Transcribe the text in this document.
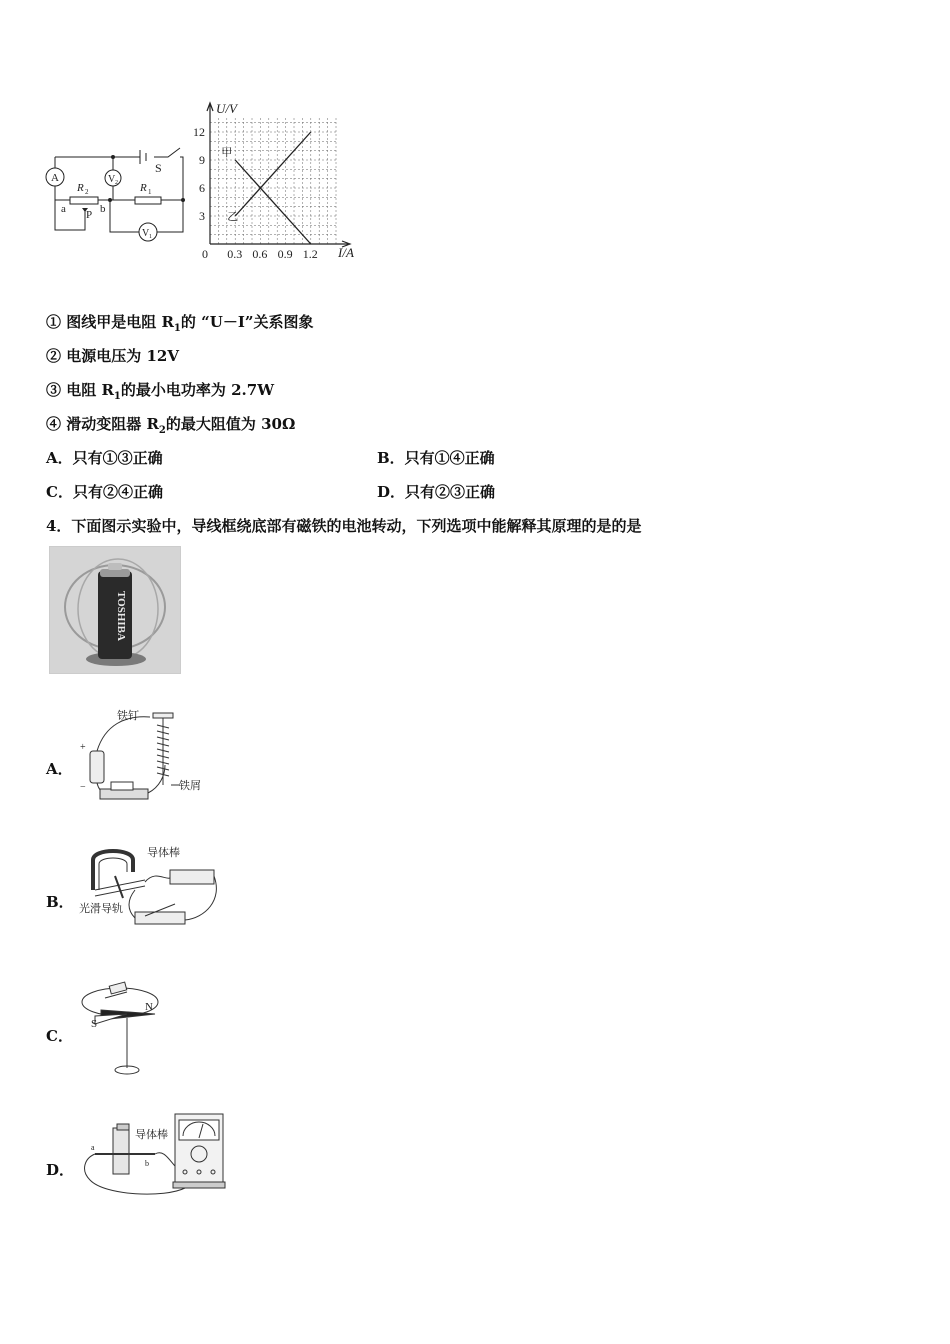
A	V 2
V 1
S
R 2	R 1
a P b
甲
乙
0 0.3 0.6 0.9 1.2
3
6
9
12
U/V
I/A
① 图线甲是电阻 $R_1$的 “U－I”关系图象
② 电源电压为 12V
③ 电阻 $R_1$的最小电功率为 2.7W
④ 滑动变阻器 $R_2$的最大阻值为 30Ω
A．只有①③正确	B．只有①④正确
C．只有②④正确	D．只有②③正确
4．下面图示实验中，导线框绕底部有磁铁的电池转动，下列选项中能解释其原理的是的是
TOSHIBA
A．
铁钉
铁屑
+
−
B．
导体棒
光滑导轨
C．
N
S
D．
导体棒
a
b
